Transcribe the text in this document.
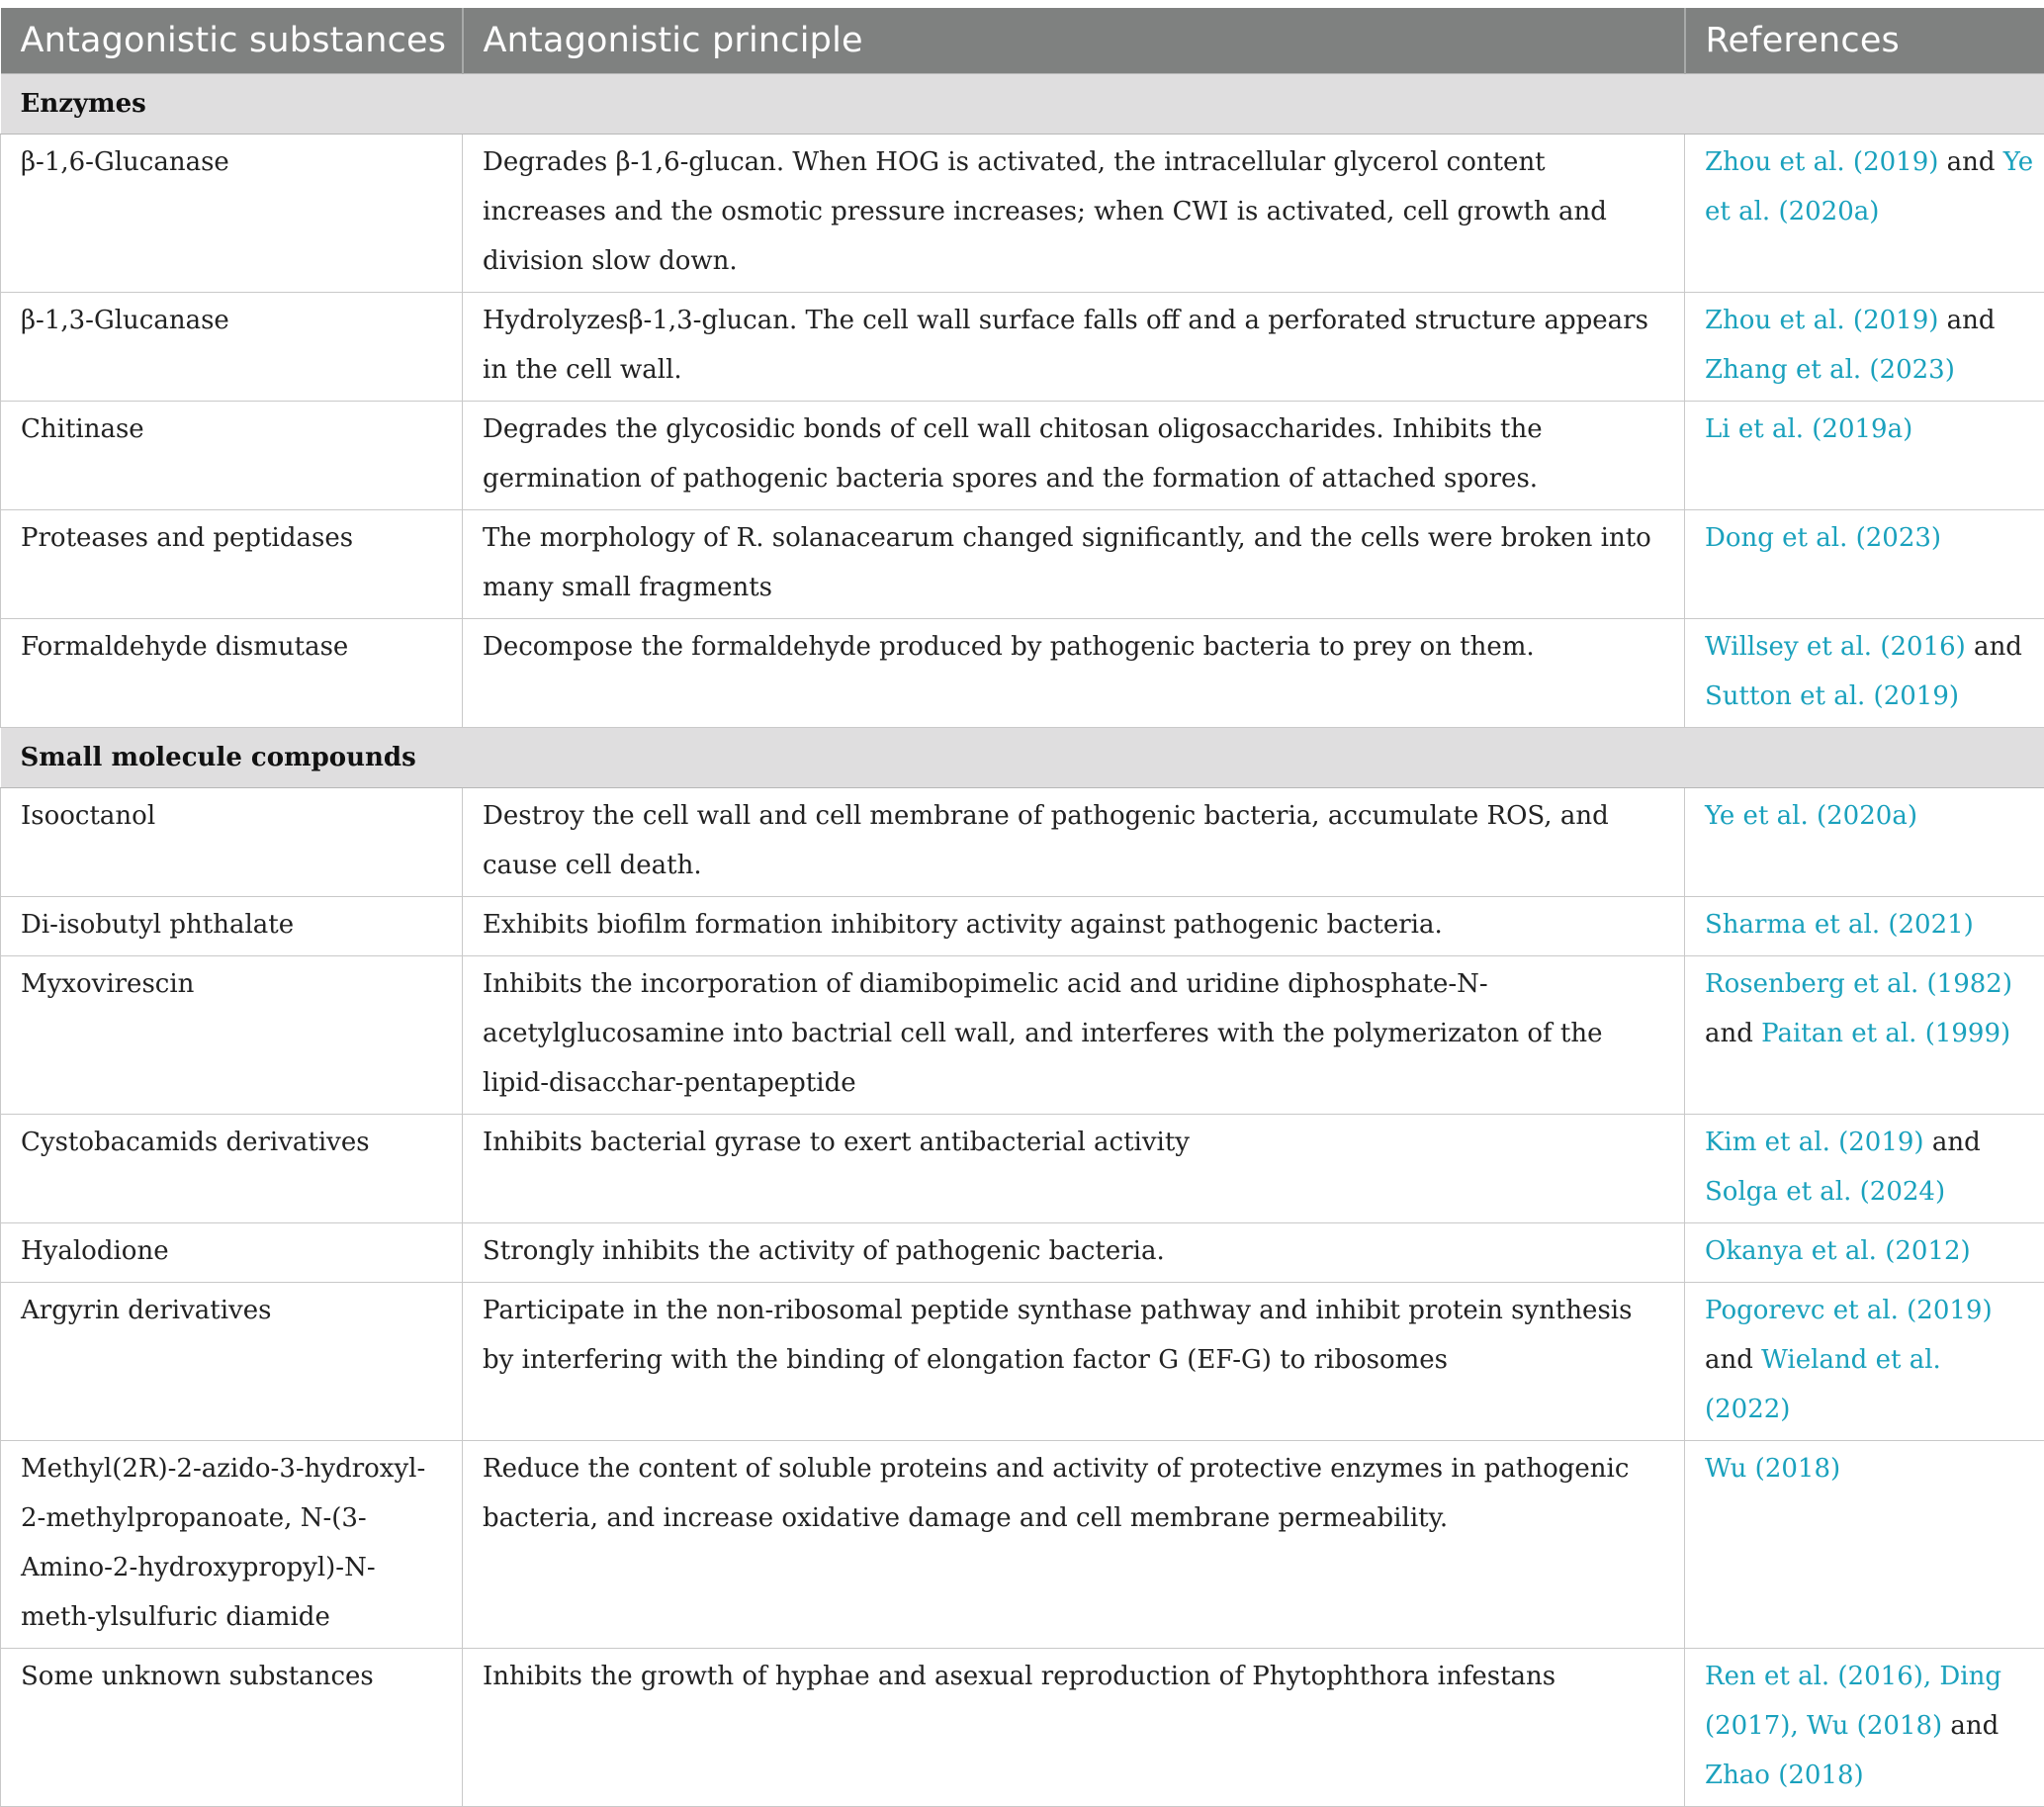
Antagonistic substances	Antagonistic principle	References
Enzymes		
β-1,6-Glucanase	Degrades β-1,6-glucan. When HOG is activated, the intracellular glycerol content increases and the osmotic pressure increases; when CWI is activated, cell growth and division slow down.	Zhou et al. (2019) and Ye et al. (2020a)
β-1,3-Glucanase	Hydrolyzesβ-1,3-glucan. The cell wall surface falls off and a perforated structure appears in the cell wall.	Zhou et al. (2019) and Zhang et al. (2023)
Chitinase	Degrades the glycosidic bonds of cell wall chitosan oligosaccharides. Inhibits the germination of pathogenic bacteria spores and the formation of attached spores.	Li et al. (2019a)
Proteases and peptidases	The morphology of R. solanacearum changed significantly, and the cells were broken into many small fragments	Dong et al. (2023)
Formaldehyde dismutase	Decompose the formaldehyde produced by pathogenic bacteria to prey on them.	Willsey et al. (2016) and Sutton et al. (2019)
Small molecule compounds		
Isooctanol	Destroy the cell wall and cell membrane of pathogenic bacteria, accumulate ROS, and cause cell death.	Ye et al. (2020a)
Di-isobutyl phthalate	Exhibits biofilm formation inhibitory activity against pathogenic bacteria.	Sharma et al. (2021)
Myxovirescin	Inhibits the incorporation of diamibopimelic acid and uridine diphosphate-N-acetylglucosamine into bactrial cell wall, and interferes with the polymerizaton of the lipid-disacchar-pentapeptide	Rosenberg et al. (1982) and Paitan et al. (1999)
Cystobacamids derivatives	Inhibits bacterial gyrase to exert antibacterial activity	Kim et al. (2019) and Solga et al. (2024)
Hyalodione	Strongly inhibits the activity of pathogenic bacteria.	Okanya et al. (2012)
Argyrin derivatives	Participate in the non-ribosomal peptide synthase pathway and inhibit protein synthesis by interfering with the binding of elongation factor G (EF-G) to ribosomes	Pogorevc et al. (2019) and Wieland et al. (2022)
Methyl(2R)-2-azido-3-hydroxyl-2-methylpropanoate, N-(3-Amino-2-hydroxypropyl)-N-meth-ylsulfuric diamide	Reduce the content of soluble proteins and activity of protective enzymes in pathogenic bacteria, and increase oxidative damage and cell membrane permeability.	Wu (2018)
Some unknown substances	Inhibits the growth of hyphae and asexual reproduction of Phytophthora infestans	Ren et al. (2016), Ding (2017), Wu (2018) and Zhao (2018)
